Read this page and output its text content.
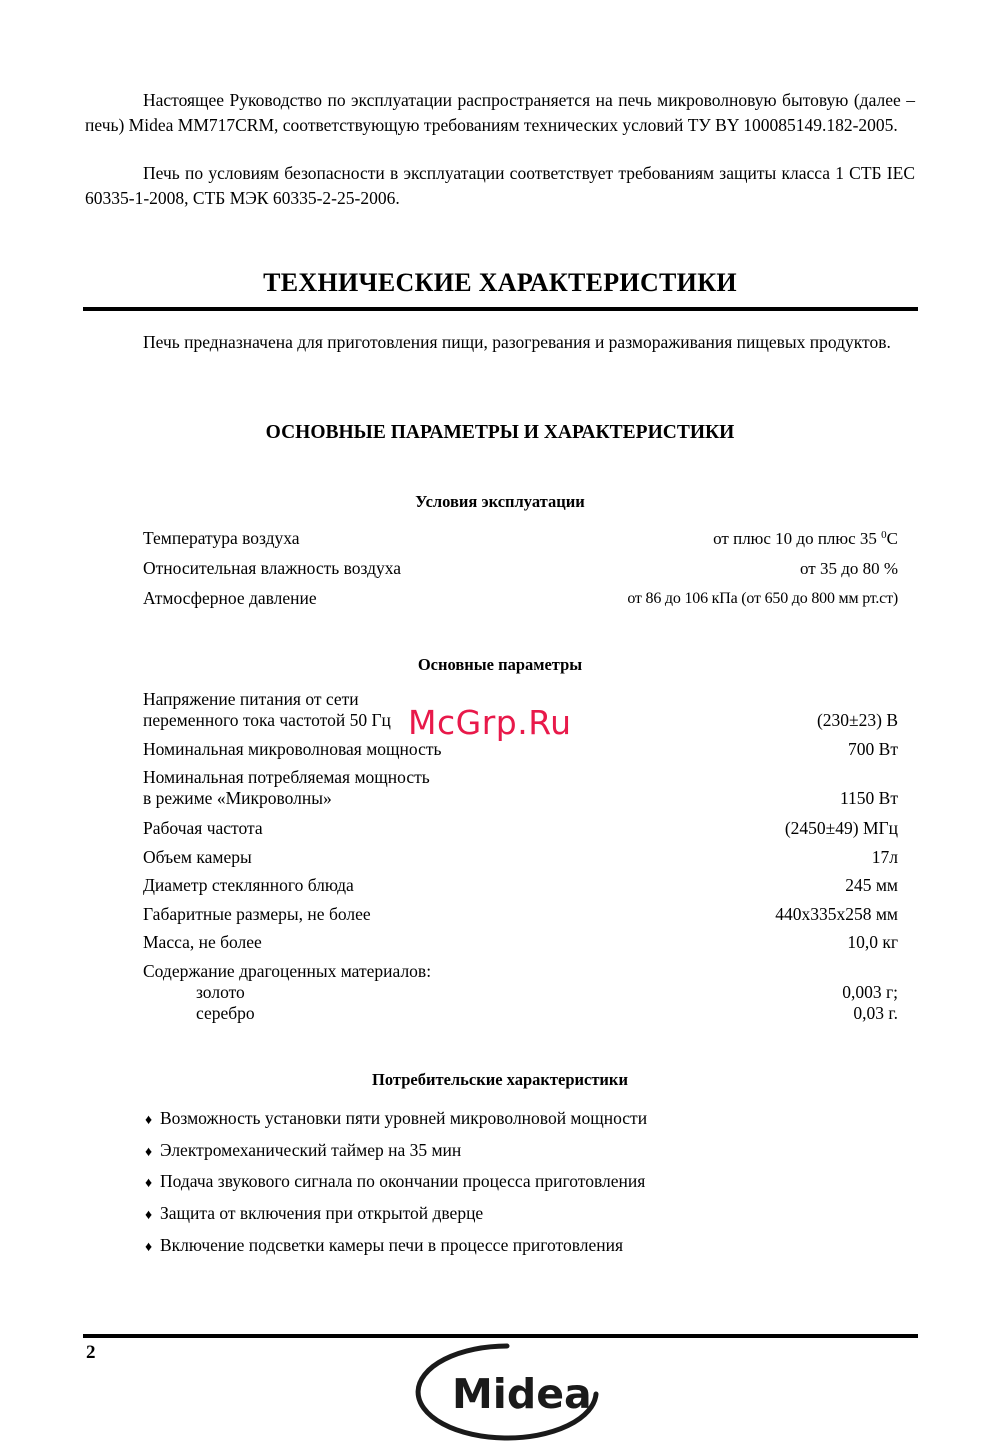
Настоящее Руководство по эксплуатации распространяется на печь микроволновую бытовую (далее – печь) Midea MM717CRM, соответствующую требованиям технических условий ТУ BY 100085149.182-2005.

Печь по условиям безопасности в эксплуатации соответствует требованиям защиты класса 1 СТБ IEC 60335-1-2008, СТБ МЭК 60335-2-25-2006.

ТЕХНИЧЕСКИЕ ХАРАКТЕРИСТИКИ

Печь предназначена для приготовления пищи, разогревания и размораживания пищевых продуктов.

ОСНОВНЫЕ ПАРАМЕТРЫ И ХАРАКТЕРИСТИКИ
Условия эксплуатации
Температура воздуха	от плюс 10 до плюс 35 $^0$С
Относительная влажность воздуха	от 35 до 80 %
Атмосферное давление	от 86 до 106 кПа (от 650 до 800 мм рт.ст)
Основные параметры
Напряжение питания от сети
переменного тока частотой 50 Гц	(230±23) В
Номинальная микроволновая мощность	700 Вт
Номинальная потребляемая мощность
в режиме «Микроволны»	1150 Вт
Рабочая частота	(2450±49) МГц
Объем камеры	17л
Диаметр стеклянного блюда	245 мм
Габаритные размеры, не более	440x335x258 мм
Масса, не более	10,0 кг
Содержание драгоценных материалов:
золото	0,003 г;
серебро	0,03 г.
Потребительские характеристики
♦ Возможность установки пяти уровней микроволновой мощности
♦ Электромеханический таймер на 35 мин
♦ Подача звукового сигнала по окончании процесса приготовления
♦ Защита от включения при открытой дверце
♦ Включение подсветки камеры печи в процессе приготовления
McGrp.Ru
2
Midea
